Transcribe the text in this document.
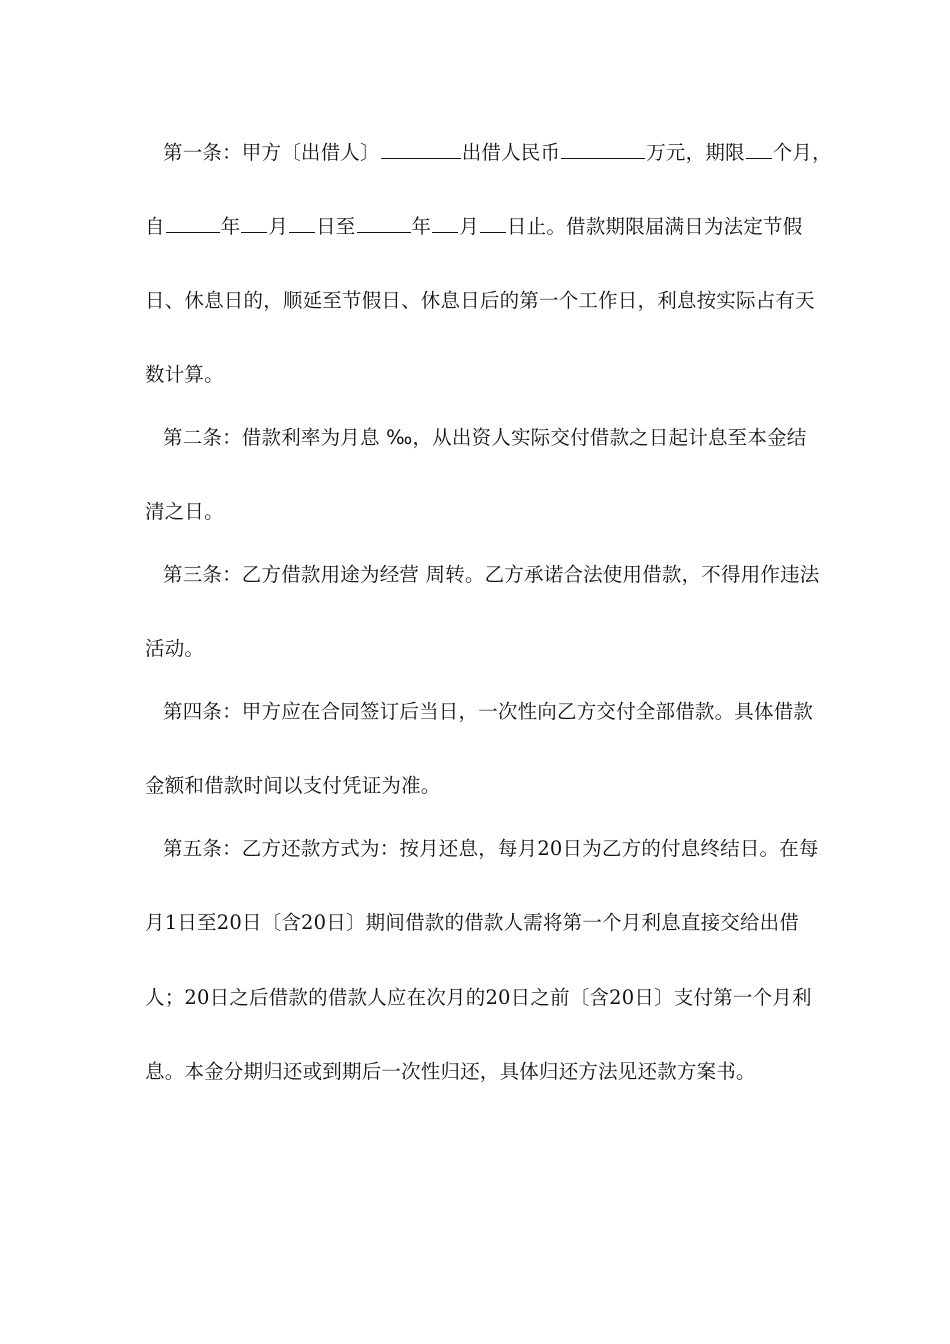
第一条：甲方〔出借人〕	出借人民币	万元，期限 个月，
自	年 月 日至	年 月 日止。借款期限届满日为法定节假
日、休息日的，顺延至节假日、休息日后的第一个工作日，利息按实际占有天
数计算。
第二条：借款利率为月息 ‰，从出资人实际交付借款之日起计息至本金结
清之日。
第三条：乙方借款用途为经营 周转。乙方承诺合法使用借款，不得用作违法
活动。
第四条：甲方应在合同签订后当日，一次性向乙方交付全部借款。具体借款
金额和借款时间以支付凭证为准。
第五条：乙方还款方式为：按月还息，每月20日为乙方的付息终结日。在每
月1日至20日〔含20日〕期间借款的借款人需将第一个月利息直接交给出借
人；20日之后借款的借款人应在次月的20日之前〔含20日〕支付第一个月利
息。本金分期归还或到期后一次性归还，具体归还方法见还款方案书。
